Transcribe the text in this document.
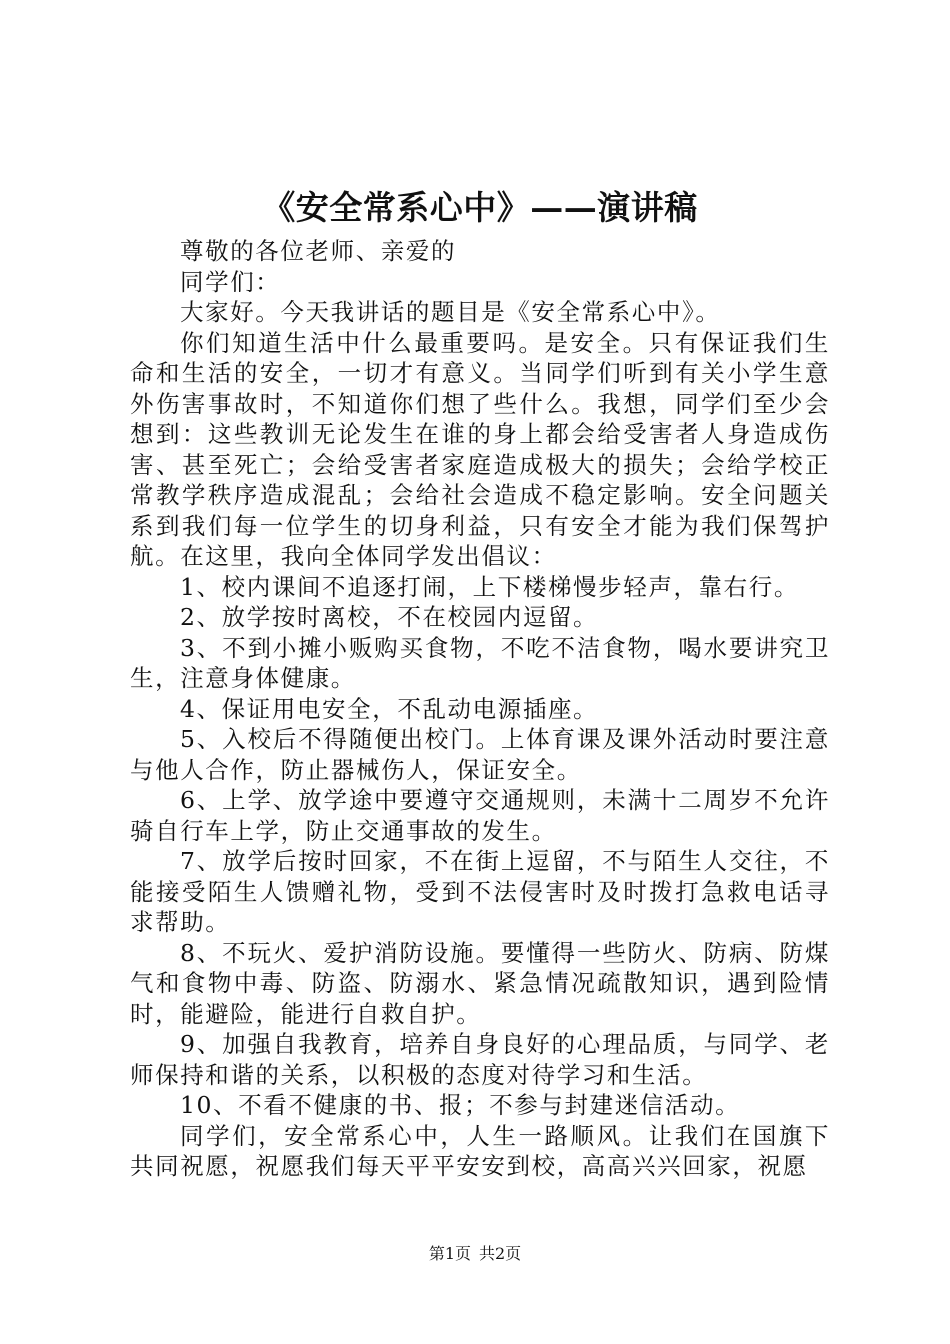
《安全常系心中》——演讲稿

尊敬的各位老师、亲爱的

同学们：

大家好。今天我讲话的题目是《安全常系心中》。

你们知道生活中什么最重要吗。是安全。只有保证我们生命和生活的安全，一切才有意义。当同学们听到有关小学生意外伤害事故时，不知道你们想了些什么。我想，同学们至少会想到：这些教训无论发生在谁的身上都会给受害者人身造成伤害、甚至死亡；会给受害者家庭造成极大的损失；会给学校正常教学秩序造成混乱；会给社会造成不稳定影响。安全问题关系到我们每一位学生的切身利益，只有安全才能为我们保驾护航。在这里，我向全体同学发出倡议：

1、校内课间不追逐打闹，上下楼梯慢步轻声，靠右行。

2、放学按时离校，不在校园内逗留。

3、不到小摊小贩购买食物，不吃不洁食物，喝水要讲究卫生，注意身体健康。

4、保证用电安全，不乱动电源插座。

5、入校后不得随便出校门。上体育课及课外活动时要注意与他人合作，防止器械伤人，保证安全。

6、上学、放学途中要遵守交通规则，未满十二周岁不允许骑自行车上学，防止交通事故的发生。

7、放学后按时回家，不在街上逗留，不与陌生人交往，不能接受陌生人馈赠礼物，受到不法侵害时及时拨打急救电话寻求帮助。

8、不玩火、爱护消防设施。要懂得一些防火、防病、防煤气和食物中毒、防盗、防溺水、紧急情况疏散知识，遇到险情时，能避险，能进行自救自护。

9、加强自我教育，培养自身良好的心理品质，与同学、老师保持和谐的关系，以积极的态度对待学习和生活。

10、不看不健康的书、报；不参与封建迷信活动。

同学们，安全常系心中，人生一路顺风。让我们在国旗下共同祝愿，祝愿我们每天平平安安到校，高高兴兴回家，祝愿

第1页 共2页
